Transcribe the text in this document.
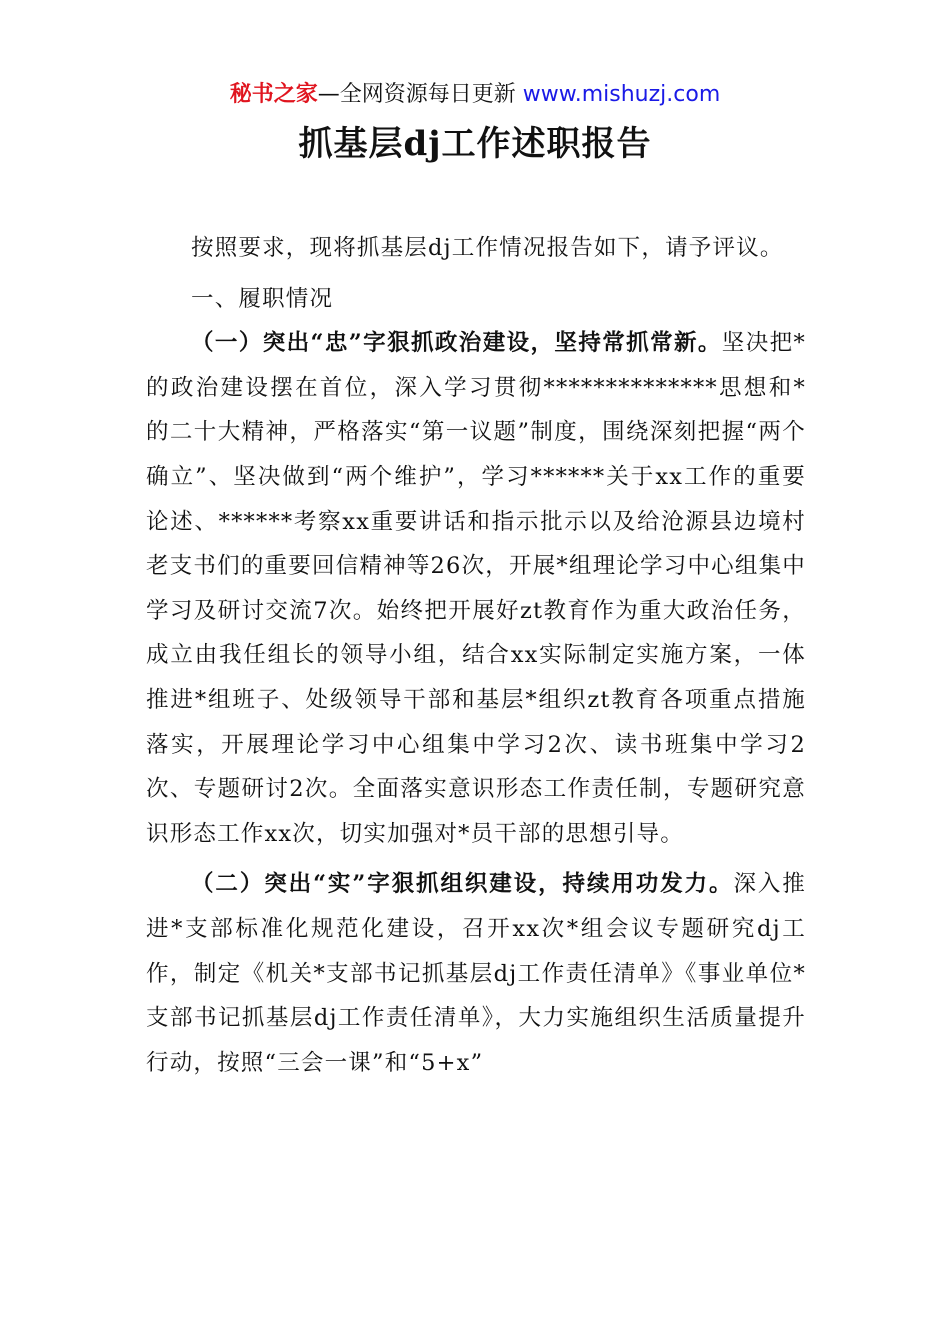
秘书之家—全网资源每日更新 www.mishuzj.com
抓基层dj工作述职报告

按照要求，现将抓基层dj工作情况报告如下，请予评议。

一、履职情况

（一）突出“忠”字狠抓政治建设，坚持常抓常新。坚决把*的政治建设摆在首位，深入学习贯彻**************思想和*的二十大精神，严格落实“第一议题”制度，围绕深刻把握“两个确立”、坚决做到“两个维护”，学习******关于xx工作的重要论述、******考察xx重要讲话和指示批示以及给沧源县边境村老支书们的重要回信精神等26次，开展*组理论学习中心组集中学习及研讨交流7次。始终把开展好zt教育作为重大政治任务，成立由我任组长的领导小组，结合xx实际制定实施方案，一体推进*组班子、处级领导干部和基层*组织zt教育各项重点措施落实，开展理论学习中心组集中学习2次、读书班集中学习2次、专题研讨2次。全面落实意识形态工作责任制，专题研究意识形态工作xx次，切实加强对*员干部的思想引导。

（二）突出“实”字狠抓组织建设，持续用功发力。深入推进*支部标准化规范化建设，召开xx次*组会议专题研究dj工作，制定《机关*支部书记抓基层dj工作责任清单》《事业单位*支部书记抓基层dj工作责任清单》，大力实施组织生活质量提升行动，按照“三会一课”和“5+x”
